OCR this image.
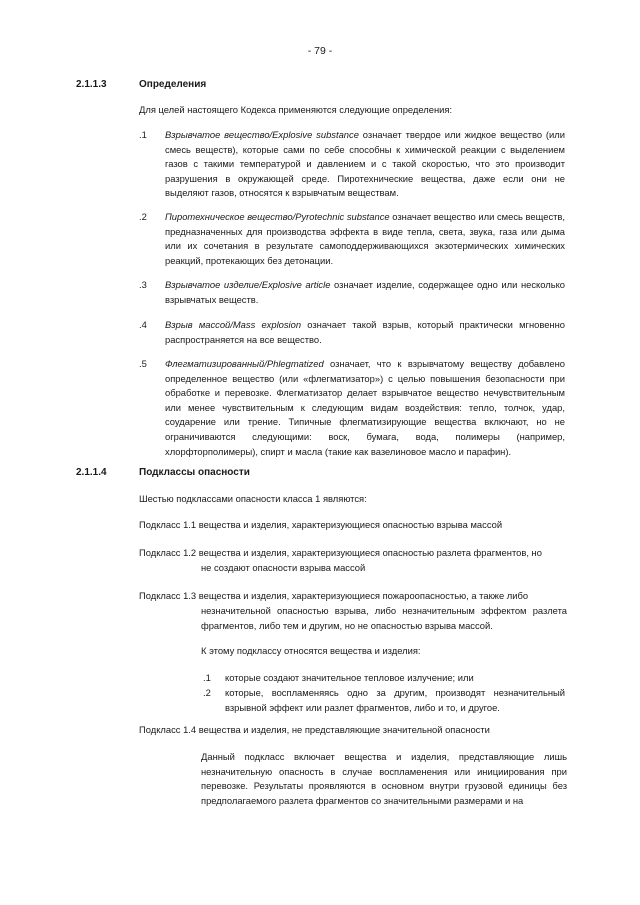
- 79 -
2.1.1.3	Определения

Для целей настоящего Кодекса применяются следующие определения:

.1 Взрывчатое вещество/Explosive substance означает твердое или жидкое вещество (или смесь веществ), которые сами по себе способны к химической реакции с выделением газов с такими температурой и давлением и с такой скоростью, что это производит разрушения в окружающей среде. Пиротехнические вещества, даже если они не выделяют газов, относятся к взрывчатым веществам.

.2 Пиротехническое вещество/Pyrotechnic substance означает вещество или смесь веществ, предназначенных для производства эффекта в виде тепла, света, звука, газа или дыма или их сочетания в результате самоподдерживающихся экзотермических химических реакций, протекающих без детонации.

.3 Взрывчатое изделие/Explosive article означает изделие, содержащее одно или несколько взрывчатых веществ.

.4 Взрыв массой/Mass explosion означает такой взрыв, который практически мгновенно распространяется на все вещество.

.5 Флегматизированный/Phlegmatized означает, что к взрывчатому веществу добавлено определенное вещество (или «флегматизатор») с целью повышения безопасности при обработке и перевозке. Флегматизатор делает взрывчатое вещество нечувствительным или менее чувствительным к следующим видам воздействия: тепло, толчок, удар, соударение или трение. Типичные флегматизирующие вещества включают, но не ограничиваются следующими: воск, бумага, вода, полимеры (например, хлорфторполимеры), спирт и масла (такие как вазелиновое масло и парафин).

2.1.1.4	Подклассы опасности

Шестью подклассами опасности класса 1 являются:

Подкласс 1.1 вещества и изделия, характеризующиеся опасностью взрыва массой

Подкласс 1.2 вещества и изделия, характеризующиеся опасностью разлета фрагментов, но

не создают опасности взрыва массой

Подкласс 1.3 вещества и изделия, характеризующиеся пожароопасностью, а также либо

незначительной опасностью взрыва, либо незначительным эффектом разлета фрагментов, либо тем и другим, но не опасностью взрыва массой.

К этому подклассу относятся вещества и изделия:

.1 которые создают значительное тепловое излучение; или

.2 которые, воспламеняясь одно за другим, производят незначительный взрывной эффект или разлет фрагментов, либо и то, и другое.

Подкласс 1.4 вещества и изделия, не представляющие значительной опасности

Данный подкласс включает вещества и изделия, представляющие лишь незначительную опасность в случае воспламенения или инициирования при перевозке. Результаты проявляются в основном внутри грузовой единицы без предполагаемого разлета фрагментов со значительными размерами и на
